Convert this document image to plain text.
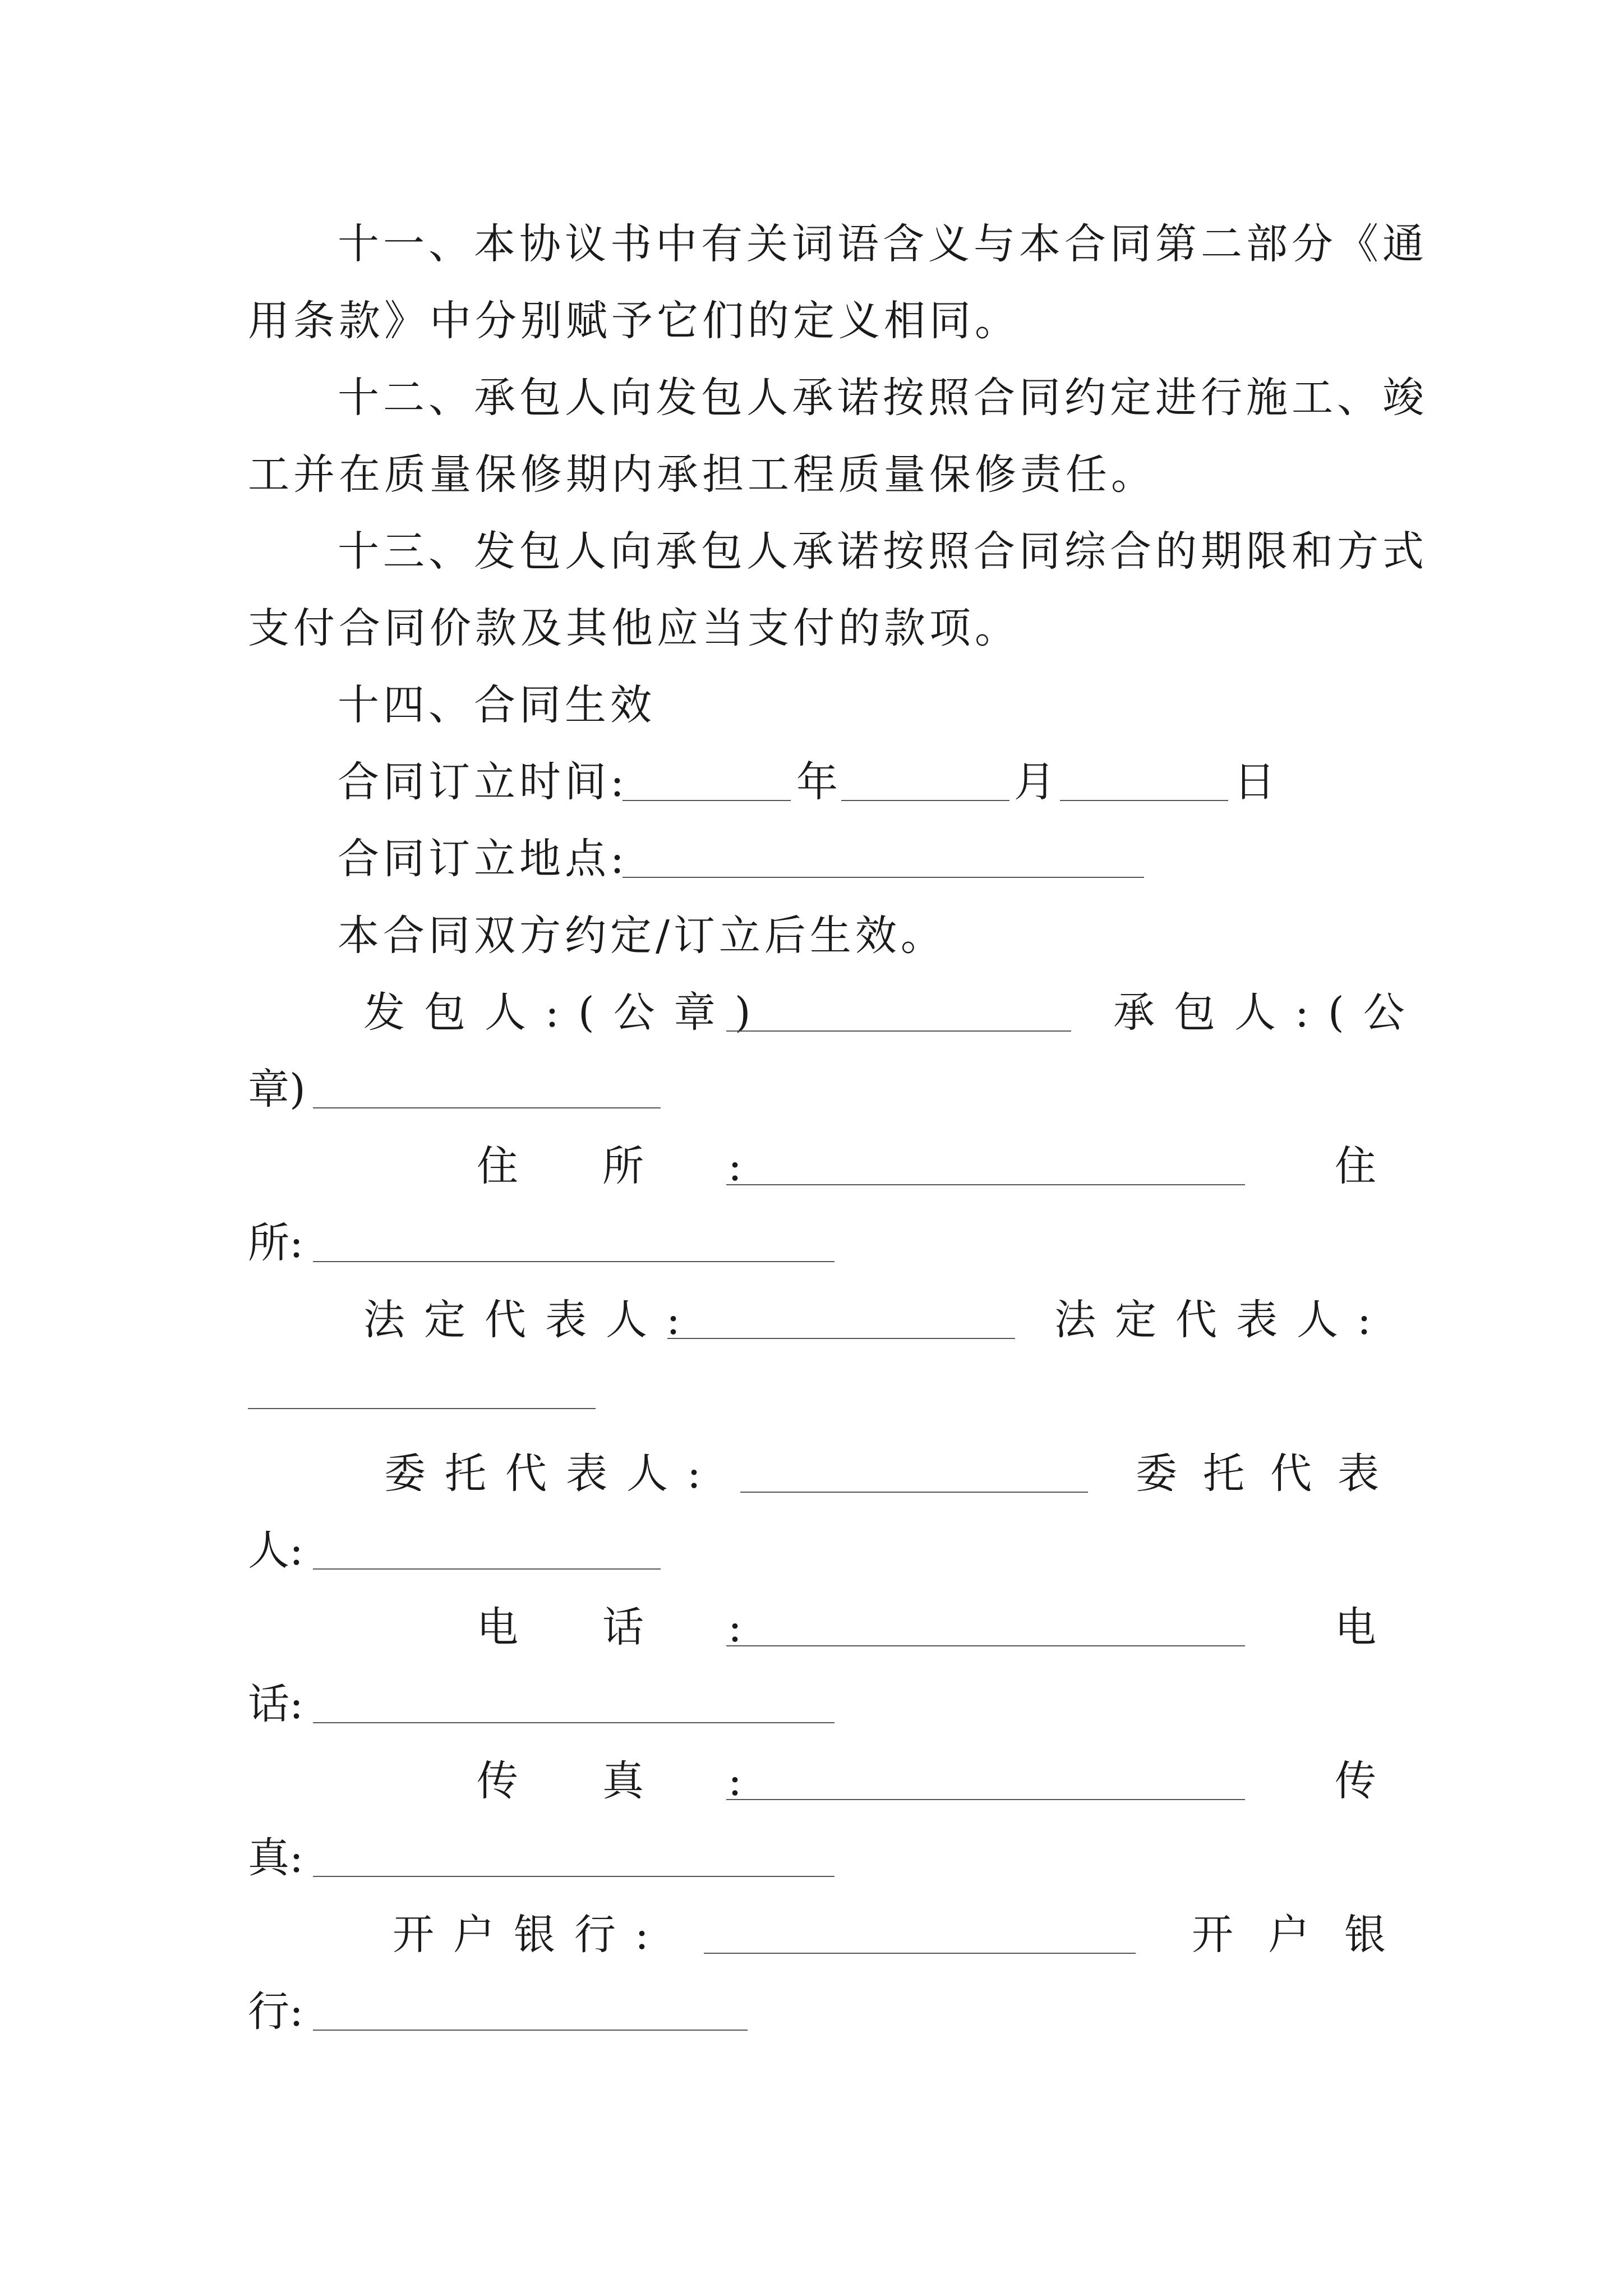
十一、本协议书中有关词语含义与本合同第二部分《通
用条款》中分别赋予它们的定义相同。
十二、承包人向发包人承诺按照合同约定进行施工、竣
工并在质量保修期内承担工程质量保修责任。
十三、发包人向承包人承诺按照合同综合的期限和方式
支付合同价款及其他应当支付的款项。
十四、合同生效
合同订立时间:	年	月	日
合同订立地点:
本合同双方约定/订立后生效。
发包人:(公章)	承包人:(公
章)
住所:	住
所:
法定代表人:	法定代表人:
委托代表人:	委托代表
人:
电话:	电
话:
传真:	传
真:
开户银行:	开户银
行:
